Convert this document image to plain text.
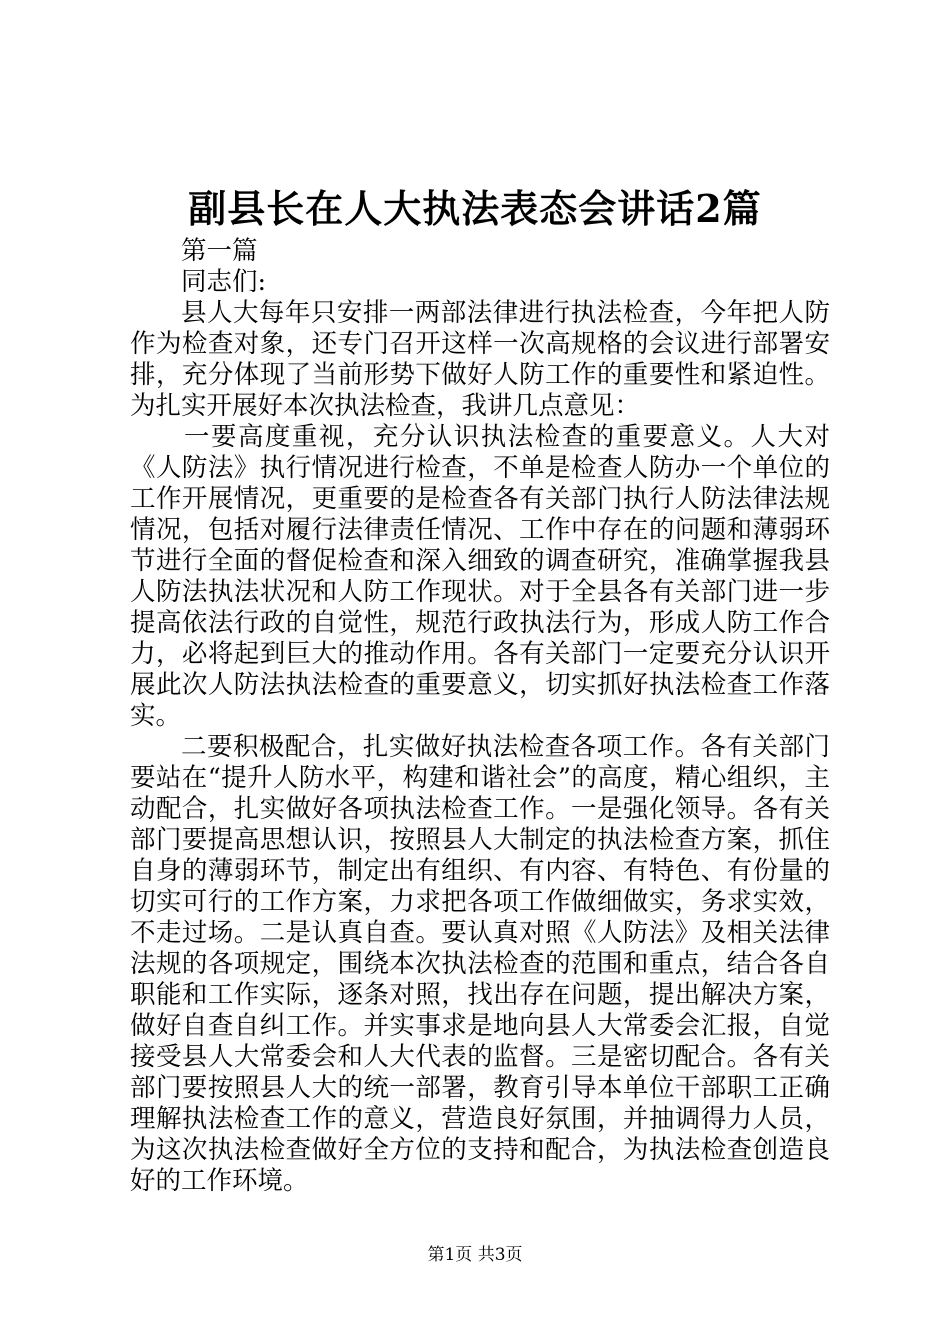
副县长在人大执法表态会讲话2篇

第一篇

同志们:

县人大每年只安排一两部法律进行执法检查，今年把人防作为检查对象，还专门召开这样一次高规格的会议进行部署安排，充分体现了当前形势下做好人防工作的重要性和紧迫性。为扎实开展好本次执法检查，我讲几点意见：

一要高度重视，充分认识执法检查的重要意义。人大对《人防法》执行情况进行检查，不单是检查人防办一个单位的工作开展情况，更重要的是检查各有关部门执行人防法律法规情况，包括对履行法律责任情况、工作中存在的问题和薄弱环节进行全面的督促检查和深入细致的调查研究，准确掌握我县人防法执法状况和人防工作现状。对于全县各有关部门进一步提高依法行政的自觉性，规范行政执法行为，形成人防工作合力，必将起到巨大的推动作用。各有关部门一定要充分认识开展此次人防法执法检查的重要意义，切实抓好执法检查工作落实。

二要积极配合，扎实做好执法检查各项工作。各有关部门要站在“提升人防水平，构建和谐社会”的高度，精心组织，主动配合，扎实做好各项执法检查工作。一是强化领导。各有关部门要提高思想认识，按照县人大制定的执法检查方案，抓住自身的薄弱环节，制定出有组织、有内容、有特色、有份量的切实可行的工作方案，力求把各项工作做细做实，务求实效，不走过场。二是认真自查。要认真对照《人防法》及相关法律法规的各项规定，围绕本次执法检查的范围和重点，结合各自职能和工作实际，逐条对照，找出存在问题，提出解决方案，做好自查自纠工作。并实事求是地向县人大常委会汇报，自觉接受县人大常委会和人大代表的监督。三是密切配合。各有关部门要按照县人大的统一部署，教育引导本单位干部职工正确理解执法检查工作的意义，营造良好氛围，并抽调得力人员，为这次执法检查做好全方位的支持和配合，为执法检查创造良好的工作环境。

第1页 共3页
